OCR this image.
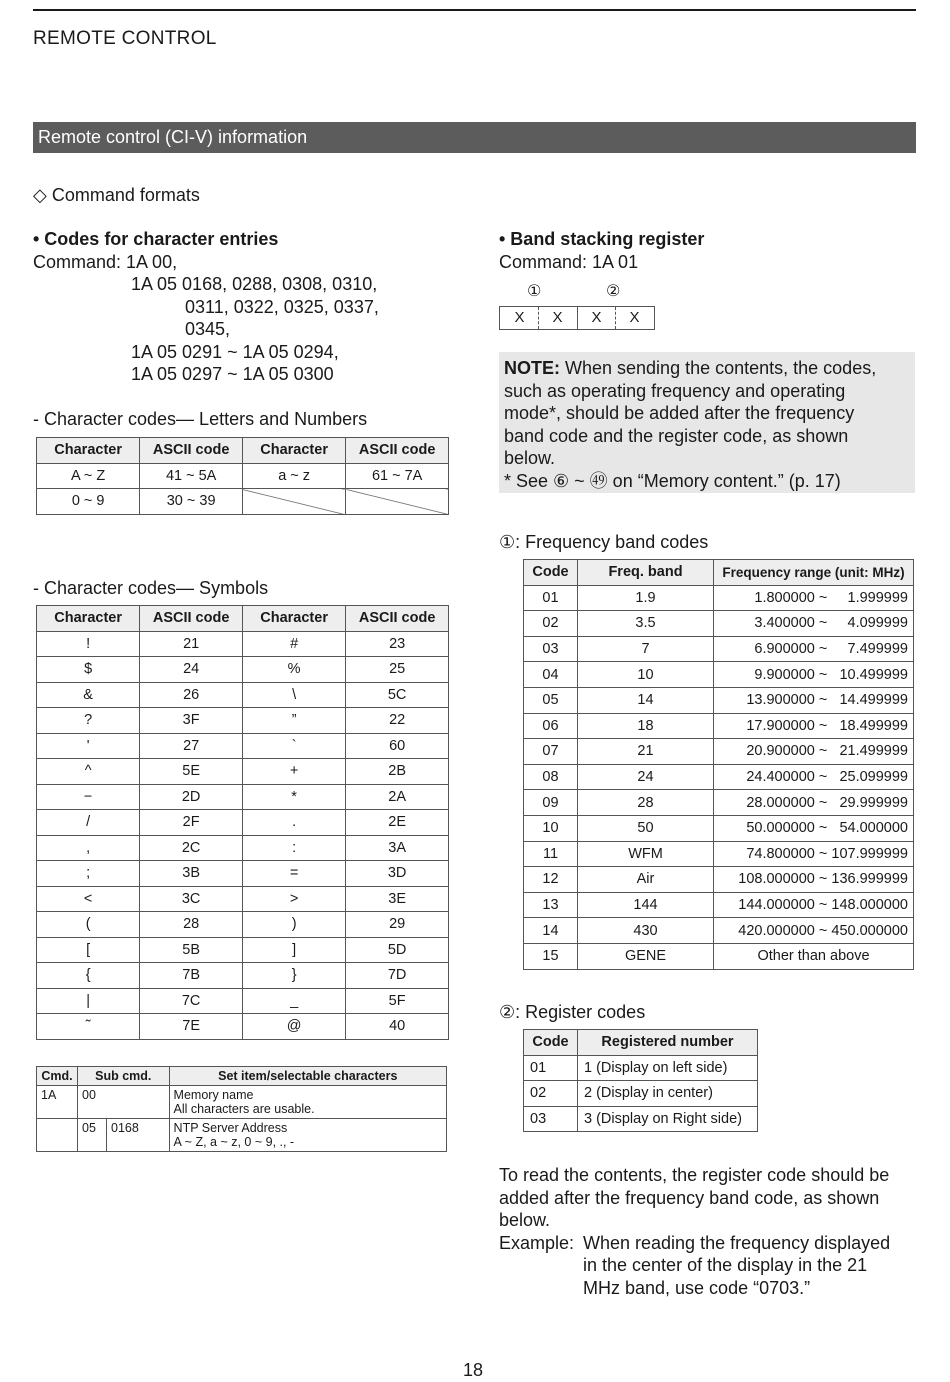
REMOTE CONTROL
Remote control (CI-V) information
◇ Command formats
• Codes for character entries
Command: 1A 00,
1A 05 0168, 0288, 0308, 0310,
0311, 0322, 0325, 0337,
0345,
1A 05 0291 ~ 1A 05 0294,
1A 05 0297 ~ 1A 05 0300
- Character codes— Letters and Numbers
Character	ASCII code	Character	ASCII code
A ~ Z	41 ~ 5A	a ~ z	61 ~ 7A
0 ~ 9	30 ~ 39		
- Character codes— Symbols
Character	ASCII code	Character	ASCII code
!	21	#	23
$	24	%	25
&	26	\	5C
?	3F	”	22
'	27	`	60
^	5E	+	2B
−	2D	*	2A
/	2F	.	2E
,	2C	:	3A
;	3B	=	3D
<	3C	>	3E
(	28	)	29
[	5B	]	5D
{	7B	}	7D
|	7C	_	5F
˜	7E	@	40
Cmd.	Sub cmd.		Set item/selectable characters
1A	00		Memory name
All characters are usable.

	05	0168	NTP Server Address
A ~ Z, a ~ z, 0 ~ 9, ., -
• Band stacking register
Command: 1A 01
①	②
X	X	X	X
NOTE: When sending the contents, the codes,
such as operating frequency and operating
mode*, should be added after the frequency
band code and the register code, as shown
below.
* See ⑥ ~ ㊾ on “Memory content.” (p. 17)
①: Frequency band codes
Code	Freq. band	Frequency range (unit: MHz)
01	1.9	1.800000 ~     1.999999
02	3.5	3.400000 ~     4.099999
03	7	6.900000 ~     7.499999
04	10	9.900000 ~   10.499999
05	14	13.900000 ~   14.499999
06	18	17.900000 ~   18.499999
07	21	20.900000 ~   21.499999
08	24	24.400000 ~   25.099999
09	28	28.000000 ~   29.999999
10	50	50.000000 ~   54.000000
11	WFM	74.800000 ~ 107.999999
12	Air	108.000000 ~ 136.999999
13	144	144.000000 ~ 148.000000
14	430	420.000000 ~ 450.000000
15	GENE	Other than above
②: Register codes
Code	Registered number
01	1 (Display on left side)
02	2 (Display in center)
03	3 (Display on Right side)
To read the contents, the register code should be
added after the frequency band code, as shown
below.
Example: When reading the frequency displayed
in the center of the display in the 21
MHz band, use code “0703.”
18
